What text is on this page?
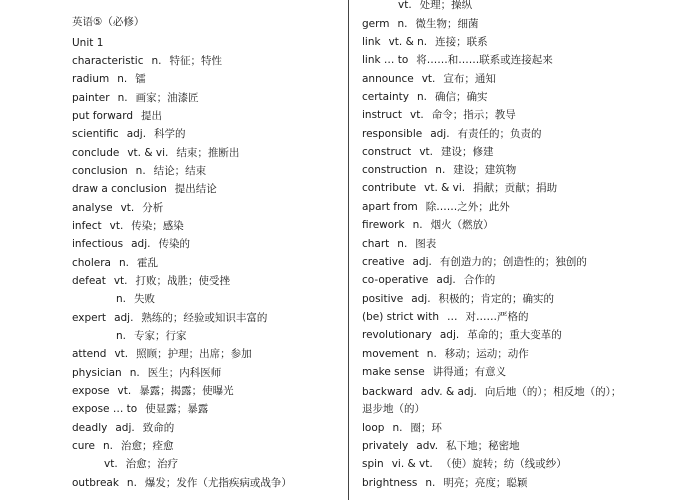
英语⑤（必修）
Unit 1
characteristic n. 特征；特性
radium n. 镭
painter n. 画家；油漆匠
put forward 提出
scientific adj. 科学的
conclude vt. & vi. 结束；推断出
conclusion n. 结论；结束
draw a conclusion 提出结论
analyse vt. 分析
infect vt. 传染；感染
infectious adj. 传染的
cholera n. 霍乱
defeat vt. 打败；战胜；使受挫
n. 失败
expert adj. 熟练的；经验或知识丰富的
n. 专家；行家
attend vt. 照顾；护理；出席；参加
physician n. 医生；内科医师
expose vt. 暴露；揭露；使曝光
expose … to 使显露；暴露
deadly adj. 致命的
cure n. 治愈；痊愈
vt. 治愈；治疗
outbreak n. 爆发；发作（尤指疾病或战争）
vt. 处理；操纵
germ n. 微生物；细菌
link vt. & n. 连接；联系
link … to 将……和……联系或连接起来
announce vt. 宣布；通知
certainty n. 确信；确实
instruct vt. 命令；指示；教导
responsible adj. 有责任的；负责的
construct vt. 建设；修建
construction n. 建设；建筑物
contribute vt. & vi. 捐献；贡献；捐助
apart from 除……之外；此外
firework n. 烟火（燃放）
chart n. 图表
creative adj. 有创造力的；创造性的；独创的
co-operative adj. 合作的
positive adj. 积极的；肯定的；确实的
(be) strict with … 对……严格的
revolutionary adj. 革命的；重大变革的
movement n. 移动；运动；动作
make sense 讲得通；有意义
backward adv. & adj. 向后地（的）；相反地（的）；退步地（的）
loop n. 圈；环
privately adv. 私下地；秘密地
spin vi. & vt. （使）旋转；纺（线或纱）
brightness n. 明亮；亮度；聪颖
